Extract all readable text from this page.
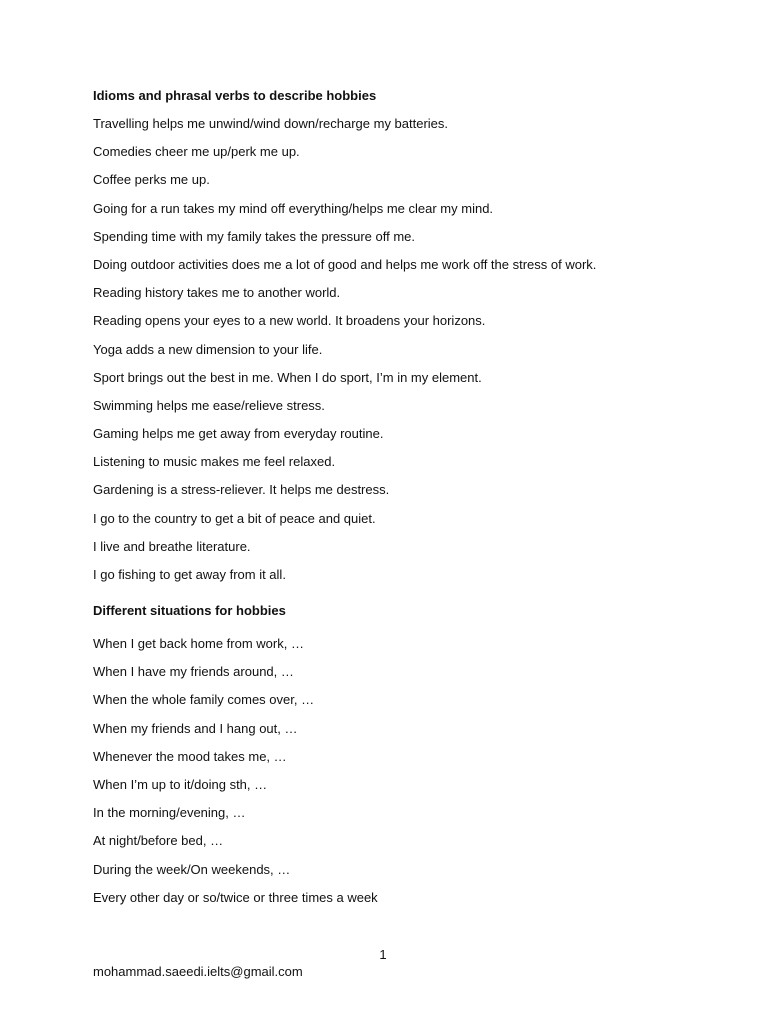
Idioms and phrasal verbs to describe hobbies
Travelling helps me unwind/wind down/recharge my batteries.
Comedies cheer me up/perk me up.
Coffee perks me up.
Going for a run takes my mind off everything/helps me clear my mind.
Spending time with my family takes the pressure off me.
Doing outdoor activities does me a lot of good and helps me work off the stress of work.
Reading history takes me to another world.
Reading opens your eyes to a new world. It broadens your horizons.
Yoga adds a new dimension to your life.
Sport brings out the best in me. When I do sport, I’m in my element.
Swimming helps me ease/relieve stress.
Gaming helps me get away from everyday routine.
Listening to music makes me feel relaxed.
Gardening is a stress-reliever. It helps me destress.
I go to the country to get a bit of peace and quiet.
I live and breathe literature.
I go fishing to get away from it all.
Different situations for hobbies
When I get back home from work, …
When I have my friends around, …
When the whole family comes over, …
When my friends and I hang out, …
Whenever the mood takes me, …
When I’m up to it/doing sth, …
In the morning/evening, …
At night/before bed, …
During the week/On weekends, …
Every other day or so/twice or three times a week
1
mohammad.saeedi.ielts@gmail.com
